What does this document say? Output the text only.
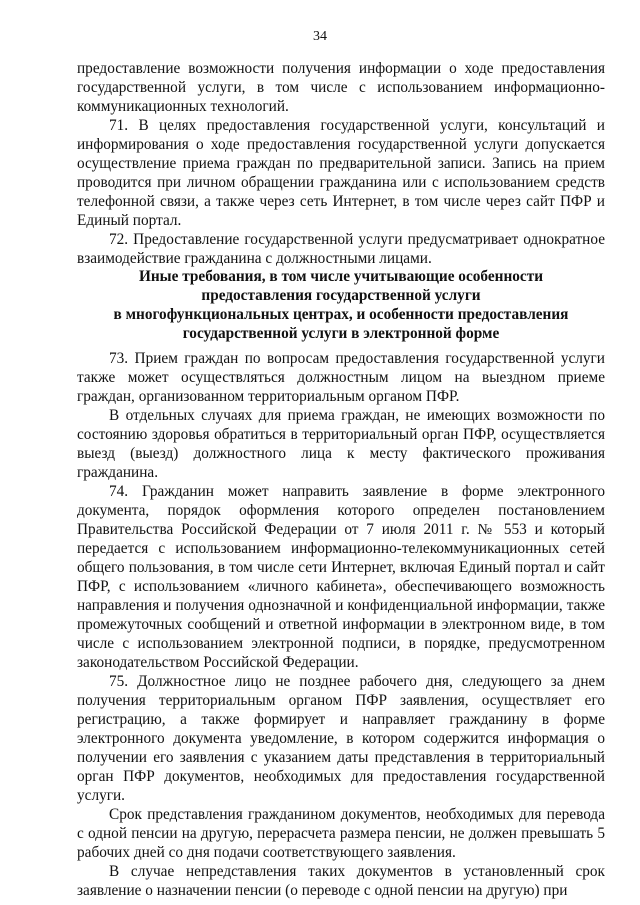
34

предоставление возможности получения информации о ходе предоставления государственной услуги, в том числе с использованием информационно-коммуникационных технологий.

71. В целях предоставления государственной услуги, консультаций и информирования о ходе предоставления государственной услуги допускается осуществление приема граждан по предварительной записи. Запись на прием проводится при личном обращении гражданина или с использованием средств телефонной связи, а также через сеть Интернет, в том числе через сайт ПФР и Единый портал.

72. Предоставление государственной услуги предусматривает однократное взаимодействие гражданина с должностными лицами.

Иные требования, в том числе учитывающие особенности
предоставления государственной услуги
в многофункциональных центрах, и особенности предоставления
государственной услуги в электронной форме

73. Прием граждан по вопросам предоставления государственной услуги также может осуществляться должностным лицом на выездном приеме граждан, организованном территориальным органом ПФР.

В отдельных случаях для приема граждан, не имеющих возможности по состоянию здоровья обратиться в территориальный орган ПФР, осуществляется выезд (выезд) должностного лица к месту фактического проживания гражданина.

74. Гражданин может направить заявление в форме электронного документа, порядок оформления которого определен постановлением Правительства Российской Федерации от 7 июля 2011 г. № 553 и который передается с использованием информационно-телекоммуникационных сетей общего пользования, в том числе сети Интернет, включая Единый портал и сайт ПФР, с использованием «личного кабинета», обеспечивающего возможность направления и получения однозначной и конфиденциальной информации, также промежуточных сообщений и ответной информации в электронном виде, в том числе с использованием электронной подписи, в порядке, предусмотренном законодательством Российской Федерации.

75. Должностное лицо не позднее рабочего дня, следующего за днем получения территориальным органом ПФР заявления, осуществляет его регистрацию, а также формирует и направляет гражданину в форме электронного документа уведомление, в котором содержится информация о получении его заявления с указанием даты представления в территориальный орган ПФР документов, необходимых для предоставления государственной услуги.

Срок представления гражданином документов, необходимых для перевода с одной пенсии на другую, перерасчета размера пенсии, не должен превышать 5 рабочих дней со дня подачи соответствующего заявления.

В случае непредставления таких документов в установленный срок заявление о назначении пенсии (о переводе с одной пенсии на другую) при
